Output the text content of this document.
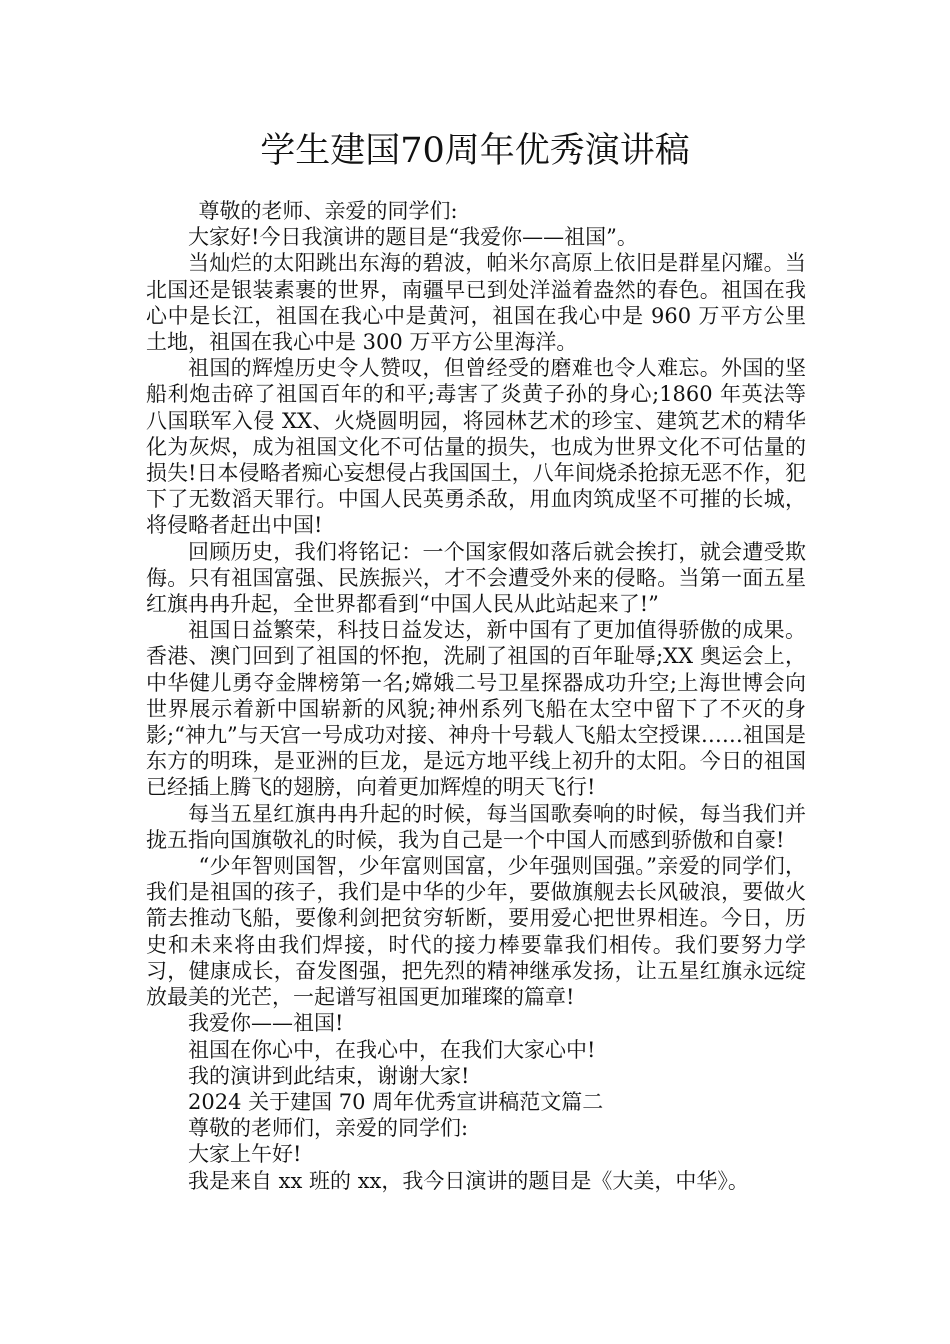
学生建国70周年优秀演讲稿

尊敬的老师、亲爱的同学们:

大家好!今日我演讲的题目是“我爱你——祖国”。

当灿烂的太阳跳出东海的碧波，帕米尔高原上依旧是群星闪耀。当北国还是银装素裹的世界，南疆早已到处洋溢着盎然的春色。祖国在我心中是长江，祖国在我心中是黄河，祖国在我心中是 960 万平方公里土地，祖国在我心中是 300 万平方公里海洋。

祖国的辉煌历史令人赞叹，但曾经受的磨难也令人难忘。外国的坚船利炮击碎了祖国百年的和平;毒害了炎黄子孙的身心;1860 年英法等八国联军入侵 XX、火烧圆明园，将园林艺术的珍宝、建筑艺术的精华化为灰烬，成为祖国文化不可估量的损失，也成为世界文化不可估量的损失!日本侵略者痴心妄想侵占我国国土，八年间烧杀抢掠无恶不作，犯下了无数滔天罪行。中国人民英勇杀敌，用血肉筑成坚不可摧的长城，将侵略者赶出中国!

回顾历史，我们将铭记：一个国家假如落后就会挨打，就会遭受欺侮。只有祖国富强、民族振兴，才不会遭受外来的侵略。当第一面五星红旗冉冉升起，全世界都看到“中国人民从此站起来了!”

祖国日益繁荣，科技日益发达，新中国有了更加值得骄傲的成果。香港、澳门回到了祖国的怀抱，洗刷了祖国的百年耻辱;XX 奥运会上，中华健儿勇夺金牌榜第一名;嫦娥二号卫星探器成功升空;上海世博会向世界展示着新中国崭新的风貌;神州系列飞船在太空中留下了不灭的身影;“神九”与天宫一号成功对接、神舟十号载人飞船太空授课……祖国是东方的明珠，是亚洲的巨龙，是远方地平线上初升的太阳。今日的祖国已经插上腾飞的翅膀，向着更加辉煌的明天飞行!

每当五星红旗冉冉升起的时候，每当国歌奏响的时候，每当我们并拢五指向国旗敬礼的时候，我为自己是一个中国人而感到骄傲和自豪!

“少年智则国智，少年富则国富，少年强则国强。”亲爱的同学们，我们是祖国的孩子，我们是中华的少年，要做旗舰去长风破浪，要做火箭去推动飞船，要像利剑把贫穷斩断，要用爱心把世界相连。今日，历史和未来将由我们焊接，时代的接力棒要靠我们相传。我们要努力学习，健康成长，奋发图强，把先烈的精神继承发扬，让五星红旗永远绽放最美的光芒，一起谱写祖国更加璀璨的篇章!

我爱你——祖国!

祖国在你心中，在我心中，在我们大家心中!

我的演讲到此结束，谢谢大家!

2024 关于建国 70 周年优秀宣讲稿范文篇二

尊敬的老师们，亲爱的同学们:

大家上午好!

我是来自 xx 班的 xx，我今日演讲的题目是《大美，中华》。
